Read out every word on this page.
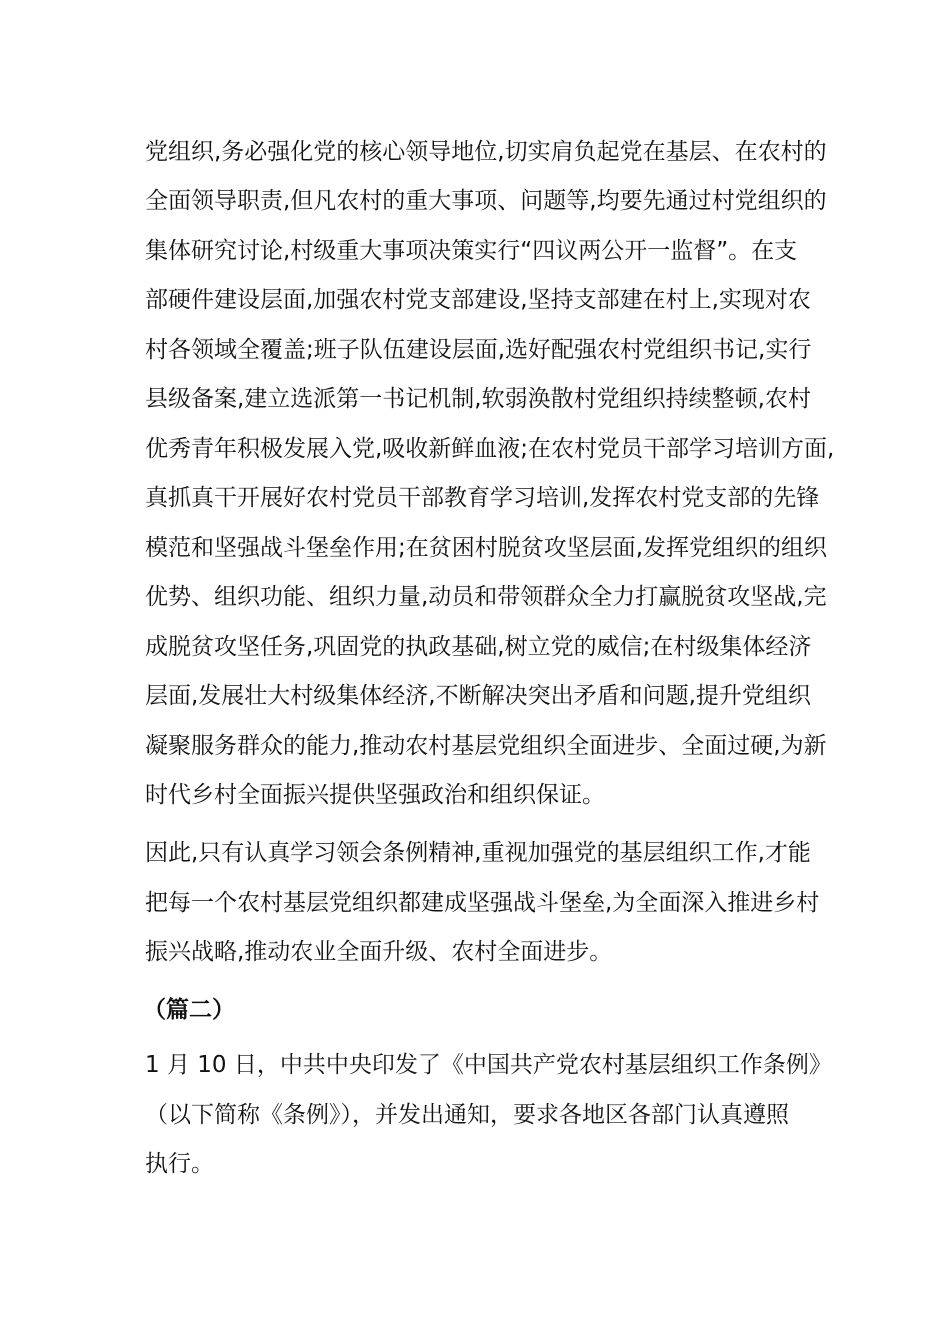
党组织,务必强化党的核心领导地位,切实肩负起党在基层、在农村的
全面领导职责,但凡农村的重大事项、问题等,均要先通过村党组织的
集体研究讨论,村级重大事项决策实行“四议两公开一监督”。在支
部硬件建设层面,加强农村党支部建设,坚持支部建在村上,实现对农
村各领域全覆盖;班子队伍建设层面,选好配强农村党组织书记,实行
县级备案,建立选派第一书记机制,软弱涣散村党组织持续整顿,农村
优秀青年积极发展入党,吸收新鲜血液;在农村党员干部学习培训方面,
真抓真干开展好农村党员干部教育学习培训,发挥农村党支部的先锋
模范和坚强战斗堡垒作用;在贫困村脱贫攻坚层面,发挥党组织的组织
优势、组织功能、组织力量,动员和带领群众全力打赢脱贫攻坚战,完
成脱贫攻坚任务,巩固党的执政基础,树立党的威信;在村级集体经济
层面,发展壮大村级集体经济,不断解决突出矛盾和问题,提升党组织
凝聚服务群众的能力,推动农村基层党组织全面进步、全面过硬,为新
时代乡村全面振兴提供坚强政治和组织保证。
因此,只有认真学习领会条例精神,重视加强党的基层组织工作,才能
把每一个农村基层党组织都建成坚强战斗堡垒,为全面深入推进乡村
振兴战略,推动农业全面升级、农村全面进步。
（篇二）
1 月 10 日，中共中央印发了《中国共产党农村基层组织工作条例》
（以下简称《条例》），并发出通知，要求各地区各部门认真遵照
执行。
